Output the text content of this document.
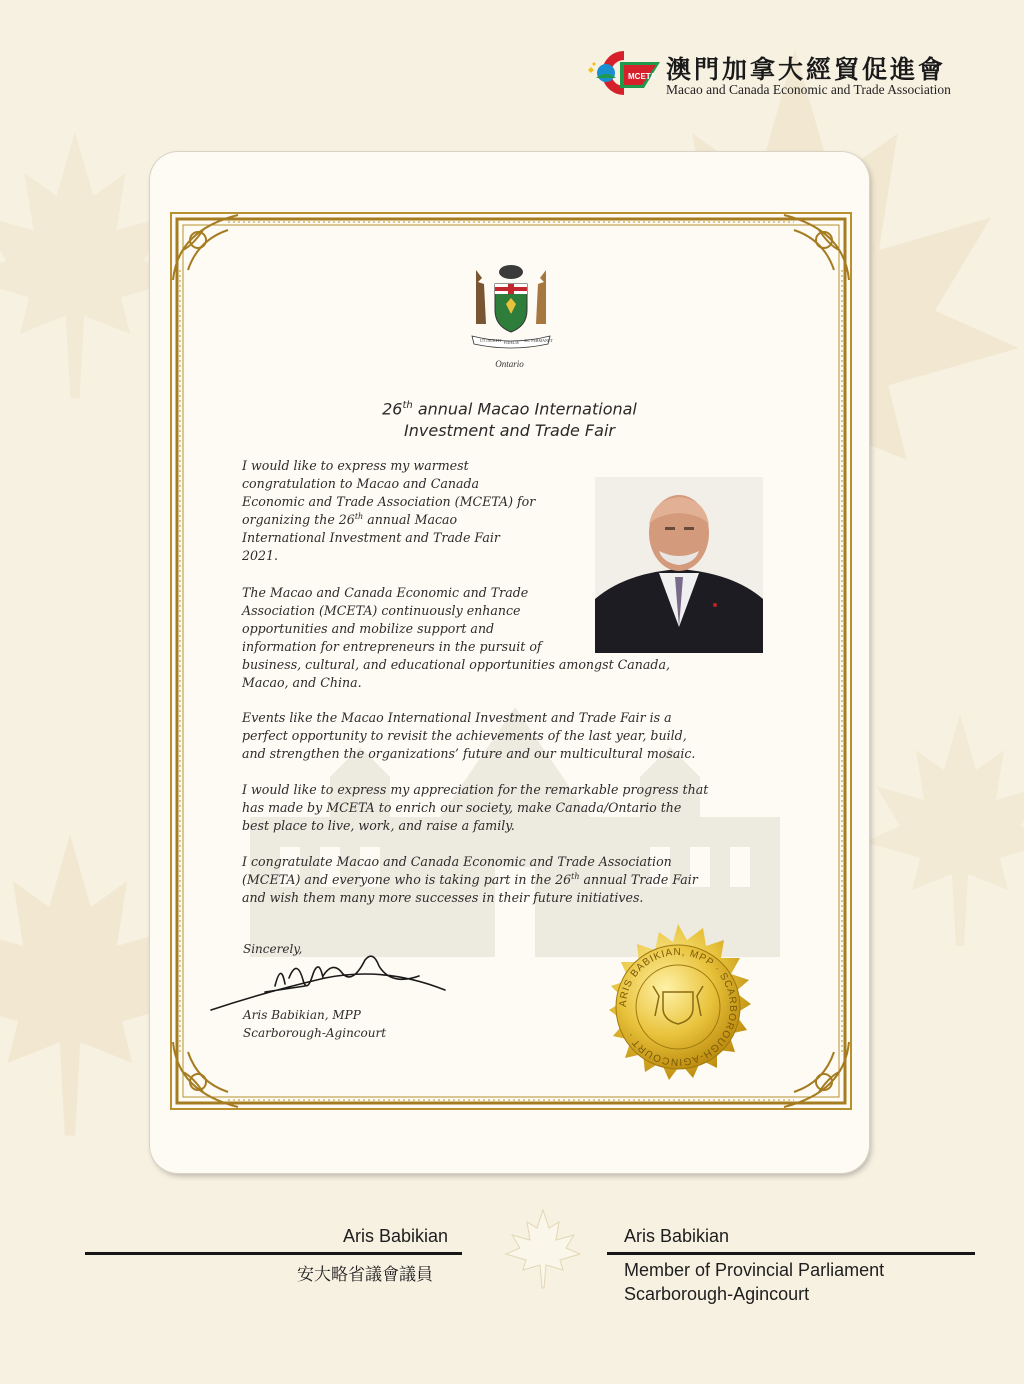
MCETA 澳門加拿大經貿促進會
Macao and Canada Economic and Trade Association
UT INCEPIT FIDELIS SIC PERMANET
Ontario
26th annual Macao International
Investment and Trade Fair
I would like to express my warmest
congratulation to Macao and Canada
Economic and Trade Association (MCETA) for
organizing the 26th annual Macao
International Investment and Trade Fair
2021.
The Macao and Canada Economic and Trade
Association (MCETA) continuously enhance
opportunities and mobilize support and
information for entrepreneurs in the pursuit of
business, cultural, and educational opportunities amongst Canada,
Macao, and China.
Events like the Macao International Investment and Trade Fair is a
perfect opportunity to revisit the achievements of the last year, build,
and strengthen the organizations’ future and our multicultural mosaic.
I would like to express my appreciation for the remarkable progress that
has made by MCETA to enrich our society, make Canada/Ontario the
best place to live, work, and raise a family.
I congratulate Macao and Canada Economic and Trade Association
(MCETA) and everyone who is taking part in the 26th annual Trade Fair
and wish them many more successes in their future initiatives.
Sincerely,
Aris Babikian, MPP
Scarborough-Agincourt
ARIS BABIKIAN, MPP · SCARBOROUGH-AGINCOURT ·
Aris Babikian
安大略省議會議員
Aris Babikian
Member of Provincial Parliament
Scarborough-Agincourt
